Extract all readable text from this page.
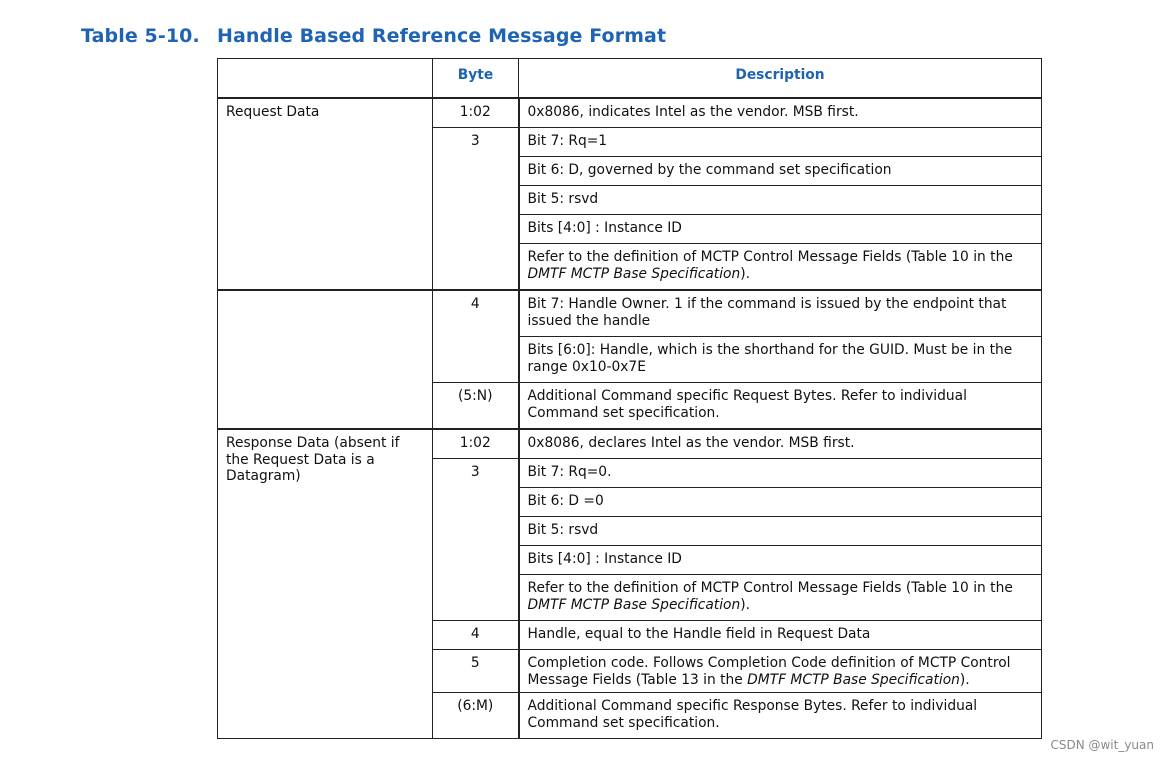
Table 5-10. Handle Based Reference Message Format
	Byte	Description
Request Data	1:02	0x8086, indicates Intel as the vendor. MSB first.
	3	Bit 7: Rq=1
		Bit 6: D, governed by the command set specification
		Bit 5: rsvd
		Bits [4:0] : Instance ID
		Refer to the definition of MCTP Control Message Fields (Table 10 in the DMTF MCTP Base Specification).
	4	Bit 7: Handle Owner. 1 if the command is issued by the endpoint that issued the handle
		Bits [6:0]: Handle, which is the shorthand for the GUID. Must be in the range 0x10-0x7E
	(5:N)	Additional Command specific Request Bytes. Refer to individual Command set specification.
Response Data (absent if the Request Data is a Datagram)	1:02	0x8086, declares Intel as the vendor. MSB first.
	3	Bit 7: Rq=0.
		Bit 6: D =0
		Bit 5: rsvd
		Bits [4:0] : Instance ID
		Refer to the definition of MCTP Control Message Fields (Table 10 in the DMTF MCTP Base Specification).
	4	Handle, equal to the Handle field in Request Data
	5	Completion code. Follows Completion Code definition of MCTP Control Message Fields (Table 13 in the DMTF MCTP Base Specification).
	(6:M)	Additional Command specific Response Bytes. Refer to individual Command set specification.
CSDN @wit_yuan
